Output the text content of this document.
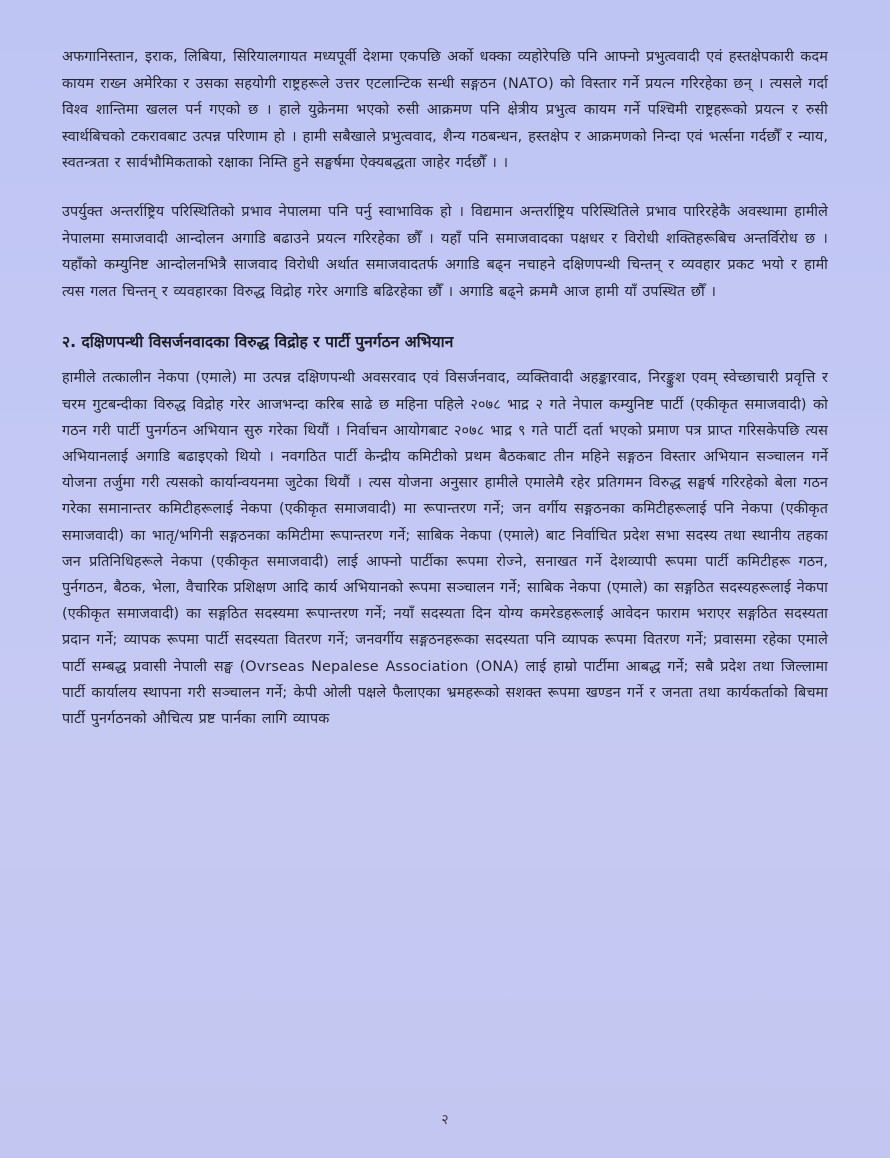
अफगानिस्तान, इराक, लिबिया, सिरियालगायत मध्यपूर्वी देशमा एकपछि अर्को धक्का व्यहोरेपछि पनि आफ्नो प्रभुत्ववादी एवं हस्तक्षेपकारी कदम कायम राख्न अमेरिका र उसका सहयोगी राष्ट्रहरूले उत्तर एटलान्टिक सन्धी सङ्गठन (NATO) को विस्तार गर्ने प्रयत्न गरिरहेका छन् । त्यसले गर्दा विश्व शान्तिमा खलल पर्न गएको छ । हाले युक्रेनमा भएको रुसी आक्रमण पनि क्षेत्रीय प्रभुत्व कायम गर्ने पश्चिमी राष्ट्रहरूको प्रयत्न र रुसी स्वार्थबिचको टकरावबाट उत्पन्न परिणाम हो । हामी सबैखाले प्रभुत्ववाद, शैन्य गठबन्धन, हस्तक्षेप र आक्रमणको निन्दा एवं भर्त्सना गर्दछौँ र न्याय, स्वतन्त्रता र सार्वभौमिकताको रक्षाका निम्ति हुने सङ्घर्षमा ऐक्यबद्धता जाहेर गर्दछौँ । ।

उपर्युक्त अन्तर्राष्ट्रिय परिस्थितिको प्रभाव नेपालमा पनि पर्नु स्वाभाविक हो । विद्यमान अन्तर्राष्ट्रिय परिस्थितिले प्रभाव पारिरहेकै अवस्थामा हामीले नेपालमा समाजवादी आन्दोलन अगाडि बढाउने प्रयत्न गरिरहेका छौँ । यहाँ पनि समाजवादका पक्षधर र विरोधी शक्तिहरूबिच अन्तर्विरोध छ । यहाँको कम्युनिष्ट आन्दोलनभित्रै साजवाद विरोधी अर्थात समाजवादतर्फ अगाडि बढ्न नचाहने दक्षिणपन्थी चिन्तन् र व्यवहार प्रकट भयो र हामी त्यस गलत चिन्तन् र व्यवहारका विरुद्ध विद्रोह गरेर अगाडि बढिरहेका छौँ । अगाडि बढ्ने क्रममै आज हामी याँ उपस्थित छौँ ।

२. दक्षिणपन्थी विसर्जनवादका विरुद्ध विद्रोह र पार्टी पुनर्गठन अभियान

हामीले तत्कालीन नेकपा (एमाले) मा उत्पन्न दक्षिणपन्थी अवसरवाद एवं विसर्जनवाद, व्यक्तिवादी अहङ्कारवाद, निरङ्कुश एवम् स्वेच्छाचारी प्रवृत्ति र चरम गुटबन्दीका विरुद्ध विद्रोह गरेर आजभन्दा करिब साढे छ महिना पहिले २०७८ भाद्र २ गते नेपाल कम्युनिष्ट पार्टी (एकीकृत समाजवादी) को गठन गरी पार्टी पुनर्गठन अभियान सुरु गरेका थियौं । निर्वाचन आयोगबाट २०७८ भाद्र ९ गते पार्टी दर्ता भएको प्रमाण पत्र प्राप्त गरिसकेपछि त्यस अभियानलाई अगाडि बढाइएको थियो । नवगठित पार्टी केन्द्रीय कमिटीको प्रथम बैठकबाट तीन महिने सङ्गठन विस्तार अभियान सञ्चालन गर्ने योजना तर्जुमा गरी त्यसको कार्यान्वयनमा जुटेका थियौं । त्यस योजना अनुसार हामीले एमालेमै रहेर प्रतिगमन विरुद्ध सङ्घर्ष गरिरहेको बेला गठन गरेका समानान्तर कमिटीहरूलाई नेकपा (एकीकृत समाजवादी) मा रूपान्तरण गर्ने; जन वर्गीय सङ्गठनका कमिटीहरूलाई पनि नेकपा (एकीकृत समाजवादी) का भातृ/भगिनी सङ्गठनका कमिटीमा रूपान्तरण गर्ने; साबिक नेकपा (एमाले) बाट निर्वाचित प्रदेश सभा सदस्य तथा स्थानीय तहका जन प्रतिनिधिहरूले नेकपा (एकीकृत समाजवादी) लाई आफ्नो पार्टीका रूपमा रोज्ने, सनाखत गर्ने देशव्यापी रूपमा पार्टी कमिटीहरू गठन, पुर्नगठन, बैठक, भेला, वैचारिक प्रशिक्षण आदि कार्य अभियानको रूपमा सञ्चालन गर्ने; साबिक नेकपा (एमाले) का सङ्गठित सदस्यहरूलाई नेकपा (एकीकृत समाजवादी) का सङ्गठित सदस्यमा रूपान्तरण गर्ने; नयाँ सदस्यता दिन योग्य कमरेडहरूलाई आवेदन फाराम भराएर सङ्गठित सदस्यता प्रदान गर्ने; व्यापक रूपमा पार्टी सदस्यता वितरण गर्ने; जनवर्गीय सङ्गठनहरूका सदस्यता पनि व्यापक रूपमा वितरण गर्ने; प्रवासमा रहेका एमाले पार्टी सम्बद्ध प्रवासी नेपाली सङ्घ (Ovrseas Nepalese Association (ONA) लाई हाम्रो पार्टीमा आबद्ध गर्ने; सबै प्रदेश तथा जिल्लामा पार्टी कार्यालय स्थापना गरी सञ्चालन गर्ने; केपी ओली पक्षले फैलाएका भ्रमहरूको सशक्त रूपमा खण्डन गर्ने र जनता तथा कार्यकर्ताको बिचमा पार्टी पुनर्गठनको औचित्य प्रष्ट पार्नका लागि व्यापक

२
